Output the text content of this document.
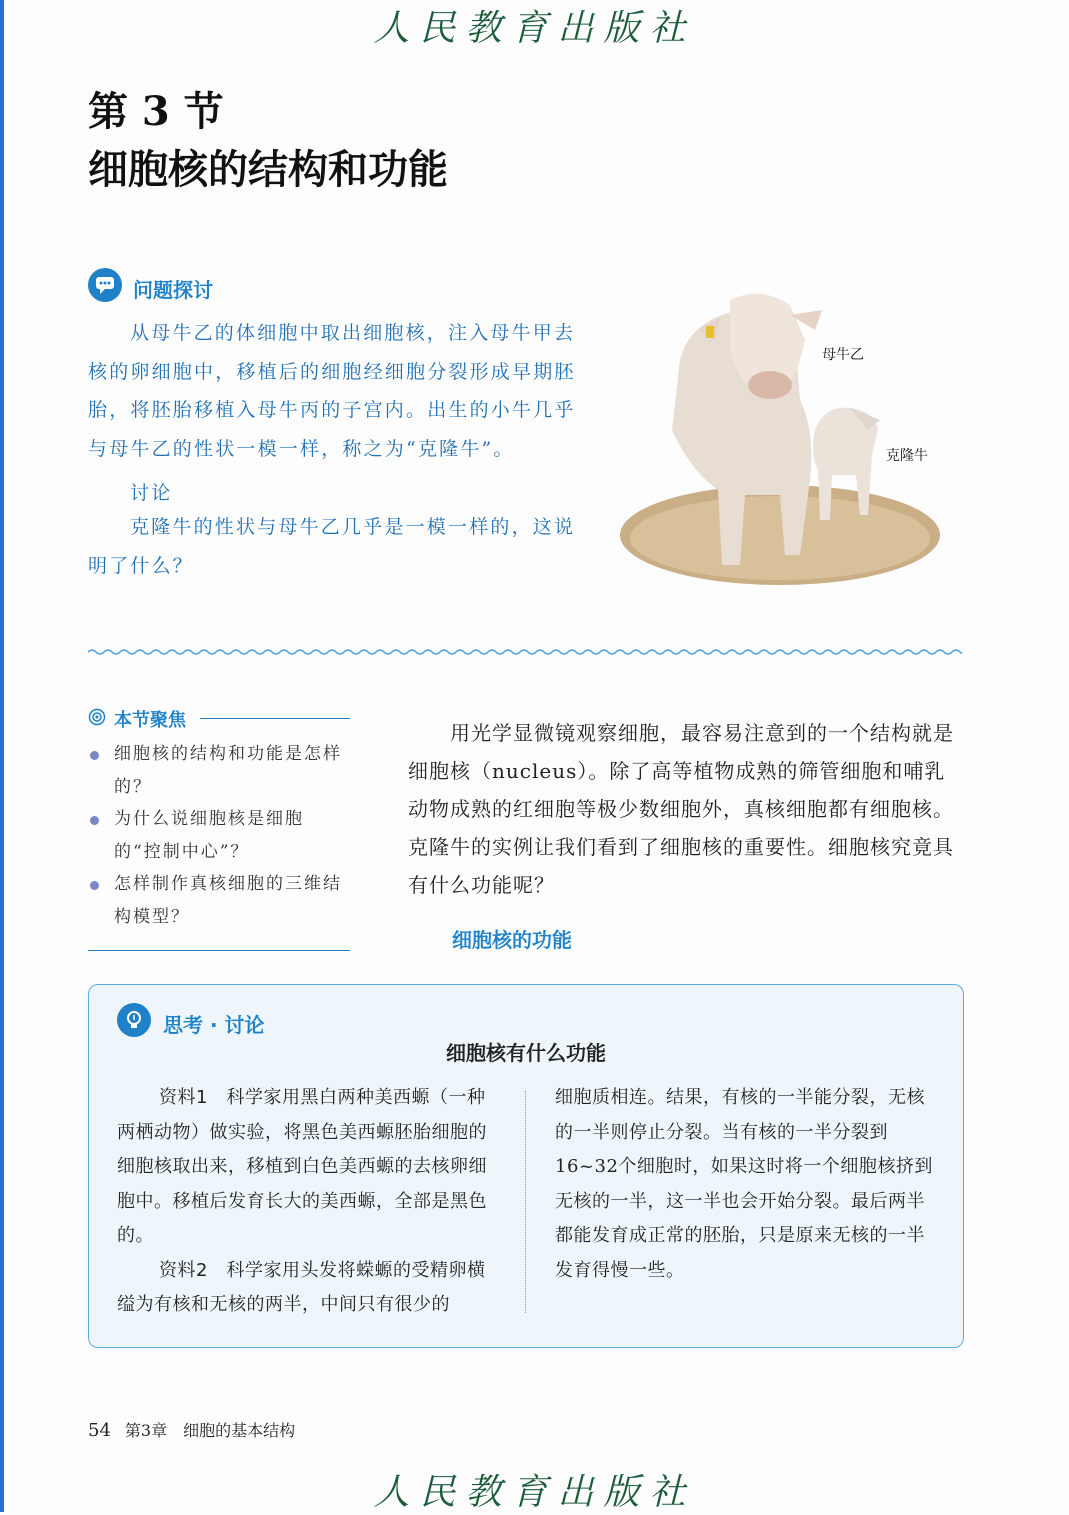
人民教育出版社
第 3 节
细胞核的结构和功能
问题探讨
从母牛乙的体细胞中取出细胞核，注入母牛甲去核的卵细胞中，移植后的细胞经细胞分裂形成早期胚胎，将胚胎移植入母牛丙的子宫内。出生的小牛几乎与母牛乙的性状一模一样，称之为“克隆牛”。
讨论
克隆牛的性状与母牛乙几乎是一模一样的，这说明了什么？
母牛乙
克隆牛
本节聚焦
细胞核的结构和功能是怎样的？
为什么说细胞核是细胞的“控制中心”？
怎样制作真核细胞的三维结构模型？
用光学显微镜观察细胞，最容易注意到的一个结构就是细胞核（nucleus）。除了高等植物成熟的筛管细胞和哺乳动物成熟的红细胞等极少数细胞外，真核细胞都有细胞核。克隆牛的实例让我们看到了细胞核的重要性。细胞核究竟具有什么功能呢？
细胞核的功能
思考 · 讨论
细胞核有什么功能

资料1　 科学家用黑白两种美西螈（一种两栖动物）做实验，将黑色美西螈胚胎细胞的细胞核取出来，移植到白色美西螈的去核卵细胞中。移植后发育长大的美西螈，全部是黑色的。

资料2　 科学家用头发将蝾螈的受精卵横缢为有核和无核的两半，中间只有很少的

细胞质相连。结果，有核的一半能分裂，无核的一半则停止分裂。当有核的一半分裂到16~32个细胞时，如果这时将一个细胞核挤到无核的一半，这一半也会开始分裂。最后两半都能发育成正常的胚胎，只是原来无核的一半发育得慢一些。

54 第3章　细胞的基本结构
人民教育出版社
